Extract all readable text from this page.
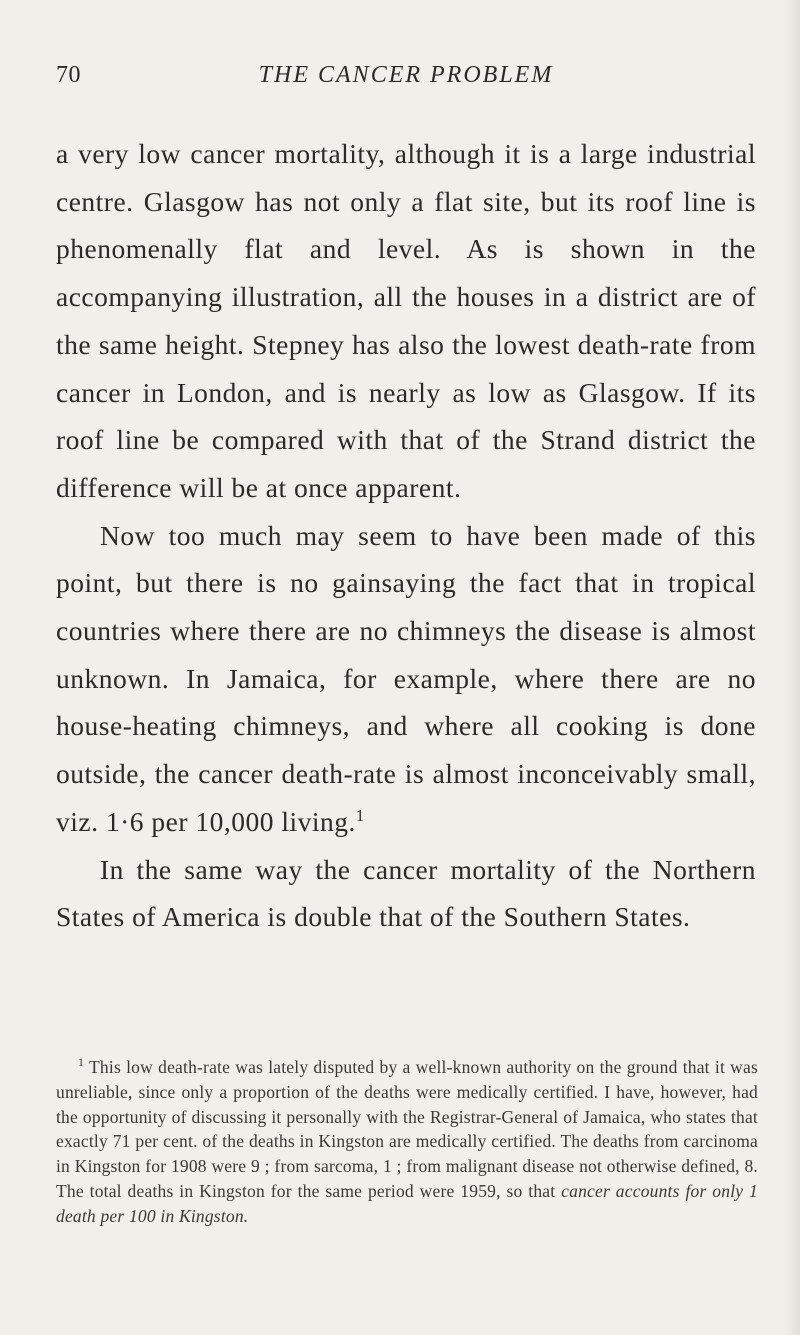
70	THE CANCER PROBLEM

a very low cancer mortality, although it is a large industrial centre. Glasgow has not only a flat site, but its roof line is phenomenally flat and level. As is shown in the accompanying illustration, all the houses in a district are of the same height. Stepney has also the lowest death-rate from cancer in London, and is nearly as low as Glasgow. If its roof line be compared with that of the Strand district the difference will be at once apparent.

Now too much may seem to have been made of this point, but there is no gainsaying the fact that in tropical countries where there are no chimneys the disease is almost unknown. In Jamaica, for example, where there are no house-heating chimneys, and where all cooking is done outside, the cancer death-rate is almost inconceivably small, viz. 1·6 per 10,000 living.$^1$

In the same way the cancer mortality of the Northern States of America is double that of the Southern States.

$^1$ This low death-rate was lately disputed by a well-known authority on the ground that it was unreliable, since only a proportion of the deaths were medically certified. I have, however, had the opportunity of discussing it personally with the Registrar-General of Jamaica, who states that exactly 71 per cent. of the deaths in Kingston are medically certified. The deaths from carcinoma in Kingston for 1908 were 9 ; from sarcoma, 1 ; from malignant disease not otherwise defined, 8. The total deaths in Kingston for the same period were 1959, so that cancer accounts for only 1 death per 100 in Kingston.
